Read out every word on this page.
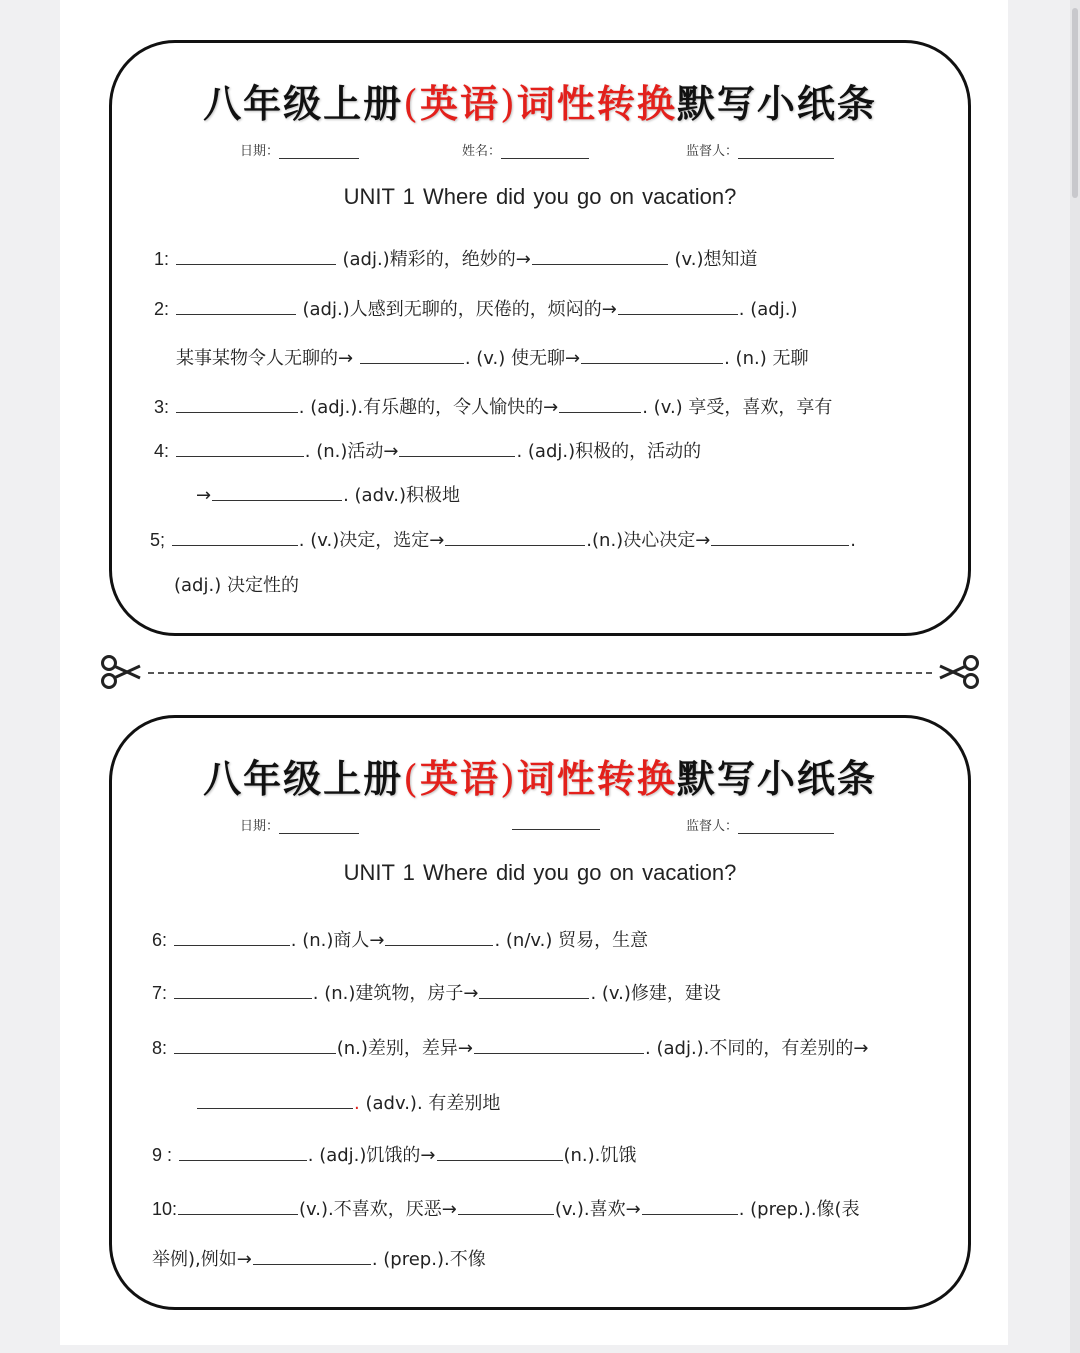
八年级上册(英语)词性转换默写小纸条
日期：	姓名：	监督人：
UNIT 1 Where did you go on vacation?
1:	(adj.)精彩的，绝妙的→	(v.)想知道
2:	(adj.)人感到无聊的，厌倦的，烦闷的→	. (adj.)
某事某物令人无聊的→	. (v.) 使无聊→	. (n.) 无聊
3:	. (adj.).有乐趣的，令人愉快的→	. (v.) 享受，喜欢，享有
4:	. (n.)活动→	. (adj.)积极的，活动的
→	. (adv.)积极地
5;	. (v.)决定，选定→	.(n.)决心决定→	.
(adj.) 决定性的
八年级上册(英语)词性转换默写小纸条
日期：	监督人：
UNIT 1 Where did you go on vacation?
6:	. (n.)商人→	. (n/v.) 贸易，生意
7:	. (n.)建筑物，房子→	. (v.)修建，建设
8:	(n.)差别，差异→	. (adj.).不同的，有差别的→
. (adv.). 有差别地
9 :	. (adj.)饥饿的→	(n.).饥饿
10:	(v.).不喜欢，厌恶→	(v.).喜欢→	. (prep.).像(表
举例),例如→	. (prep.).不像
